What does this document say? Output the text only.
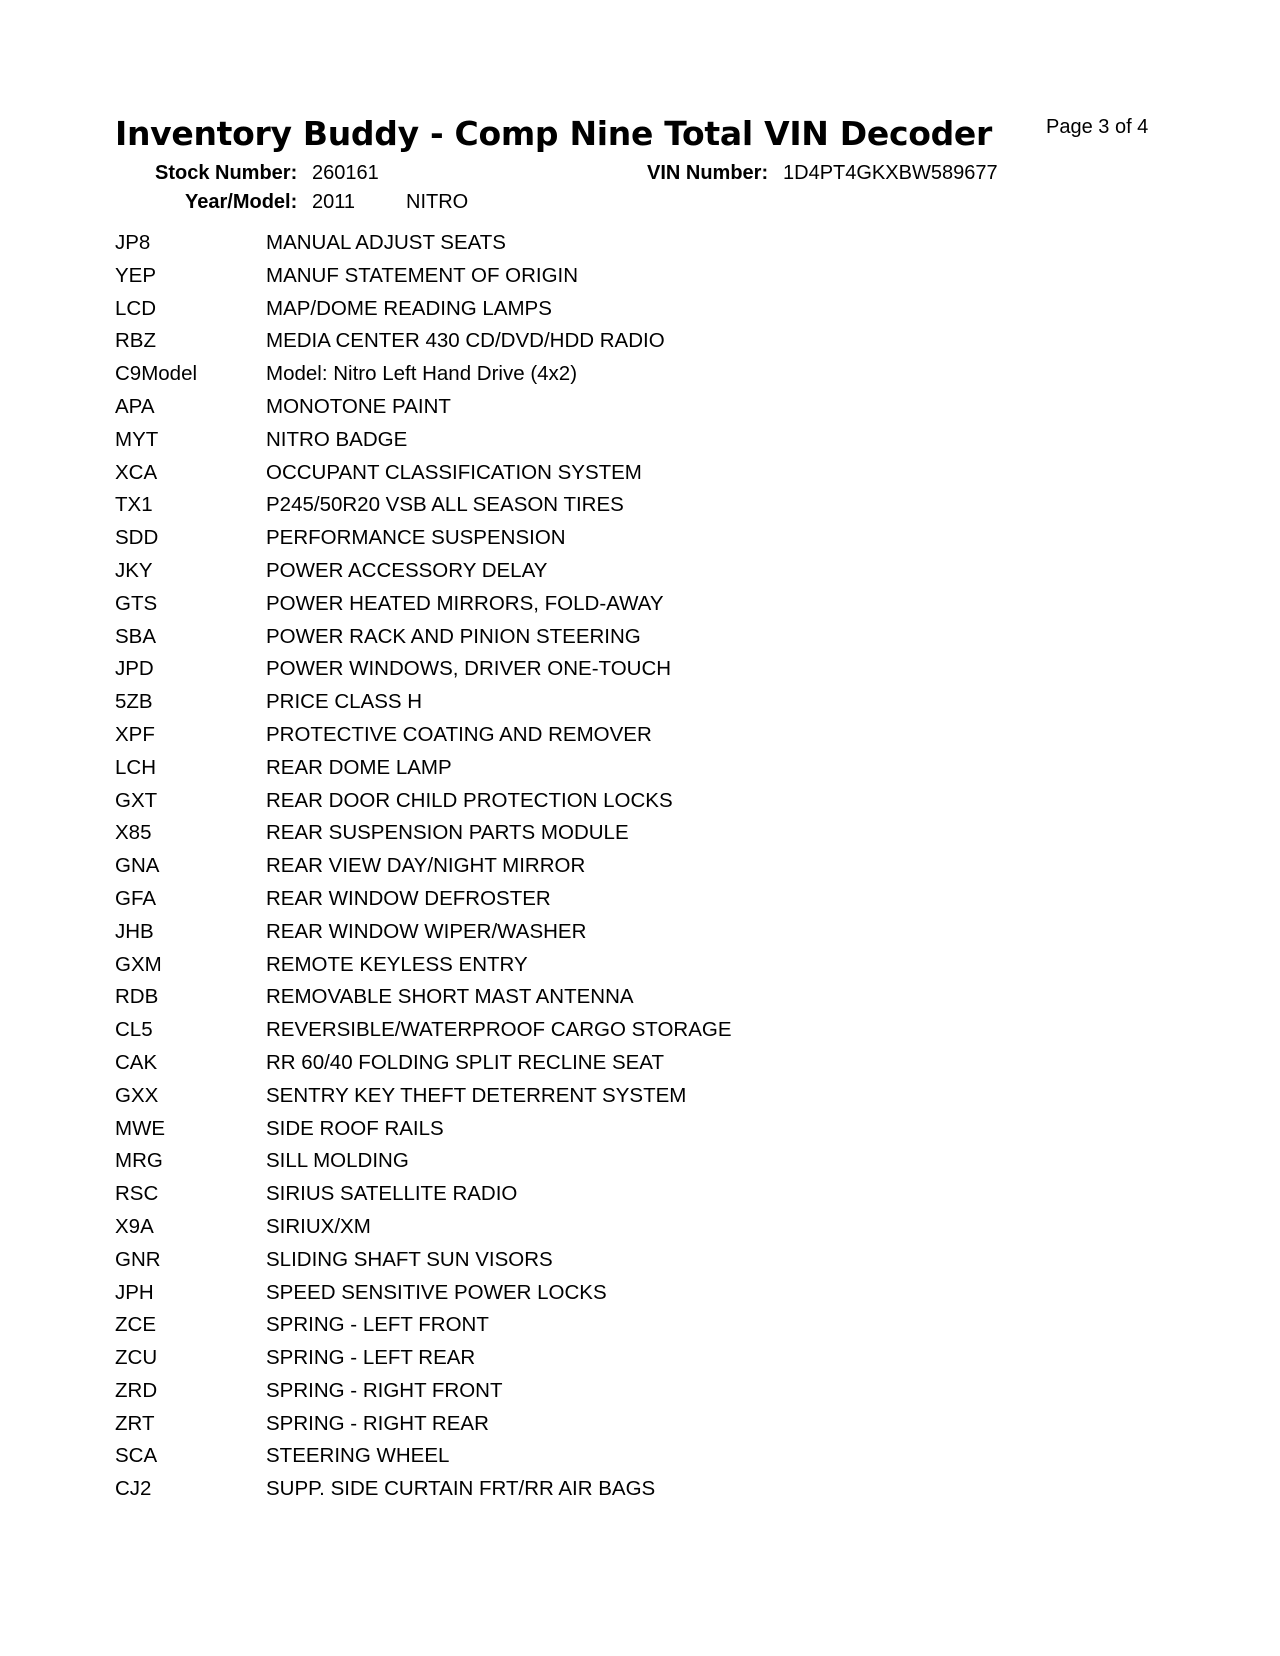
Inventory Buddy - Comp Nine Total VIN Decoder	Page 3 of 4
Stock Number: 260161	VIN Number: 1D4PT4GKXBW589677
Year/Model: 2011	NITRO
JP8	MANUAL ADJUST SEATS
YEP	MANUF STATEMENT OF ORIGIN
LCD	MAP/DOME READING LAMPS
RBZ	MEDIA CENTER 430 CD/DVD/HDD RADIO
C9Model	Model: Nitro Left Hand Drive (4x2)
APA	MONOTONE PAINT
MYT	NITRO BADGE
XCA	OCCUPANT CLASSIFICATION SYSTEM
TX1	P245/50R20 VSB ALL SEASON TIRES
SDD	PERFORMANCE SUSPENSION
JKY	POWER ACCESSORY DELAY
GTS	POWER HEATED MIRRORS, FOLD-AWAY
SBA	POWER RACK AND PINION STEERING
JPD	POWER WINDOWS, DRIVER ONE-TOUCH
5ZB	PRICE CLASS H
XPF	PROTECTIVE COATING AND REMOVER
LCH	REAR DOME LAMP
GXT	REAR DOOR CHILD PROTECTION LOCKS
X85	REAR SUSPENSION PARTS MODULE
GNA	REAR VIEW DAY/NIGHT MIRROR
GFA	REAR WINDOW DEFROSTER
JHB	REAR WINDOW WIPER/WASHER
GXM	REMOTE KEYLESS ENTRY
RDB	REMOVABLE SHORT MAST ANTENNA
CL5	REVERSIBLE/WATERPROOF CARGO STORAGE
CAK	RR 60/40 FOLDING SPLIT RECLINE SEAT
GXX	SENTRY KEY THEFT DETERRENT SYSTEM
MWE	SIDE ROOF RAILS
MRG	SILL MOLDING
RSC	SIRIUS SATELLITE RADIO
X9A	SIRIUX/XM
GNR	SLIDING SHAFT SUN VISORS
JPH	SPEED SENSITIVE POWER LOCKS
ZCE	SPRING - LEFT FRONT
ZCU	SPRING - LEFT REAR
ZRD	SPRING - RIGHT FRONT
ZRT	SPRING - RIGHT REAR
SCA	STEERING WHEEL
CJ2	SUPP. SIDE CURTAIN FRT/RR AIR BAGS
